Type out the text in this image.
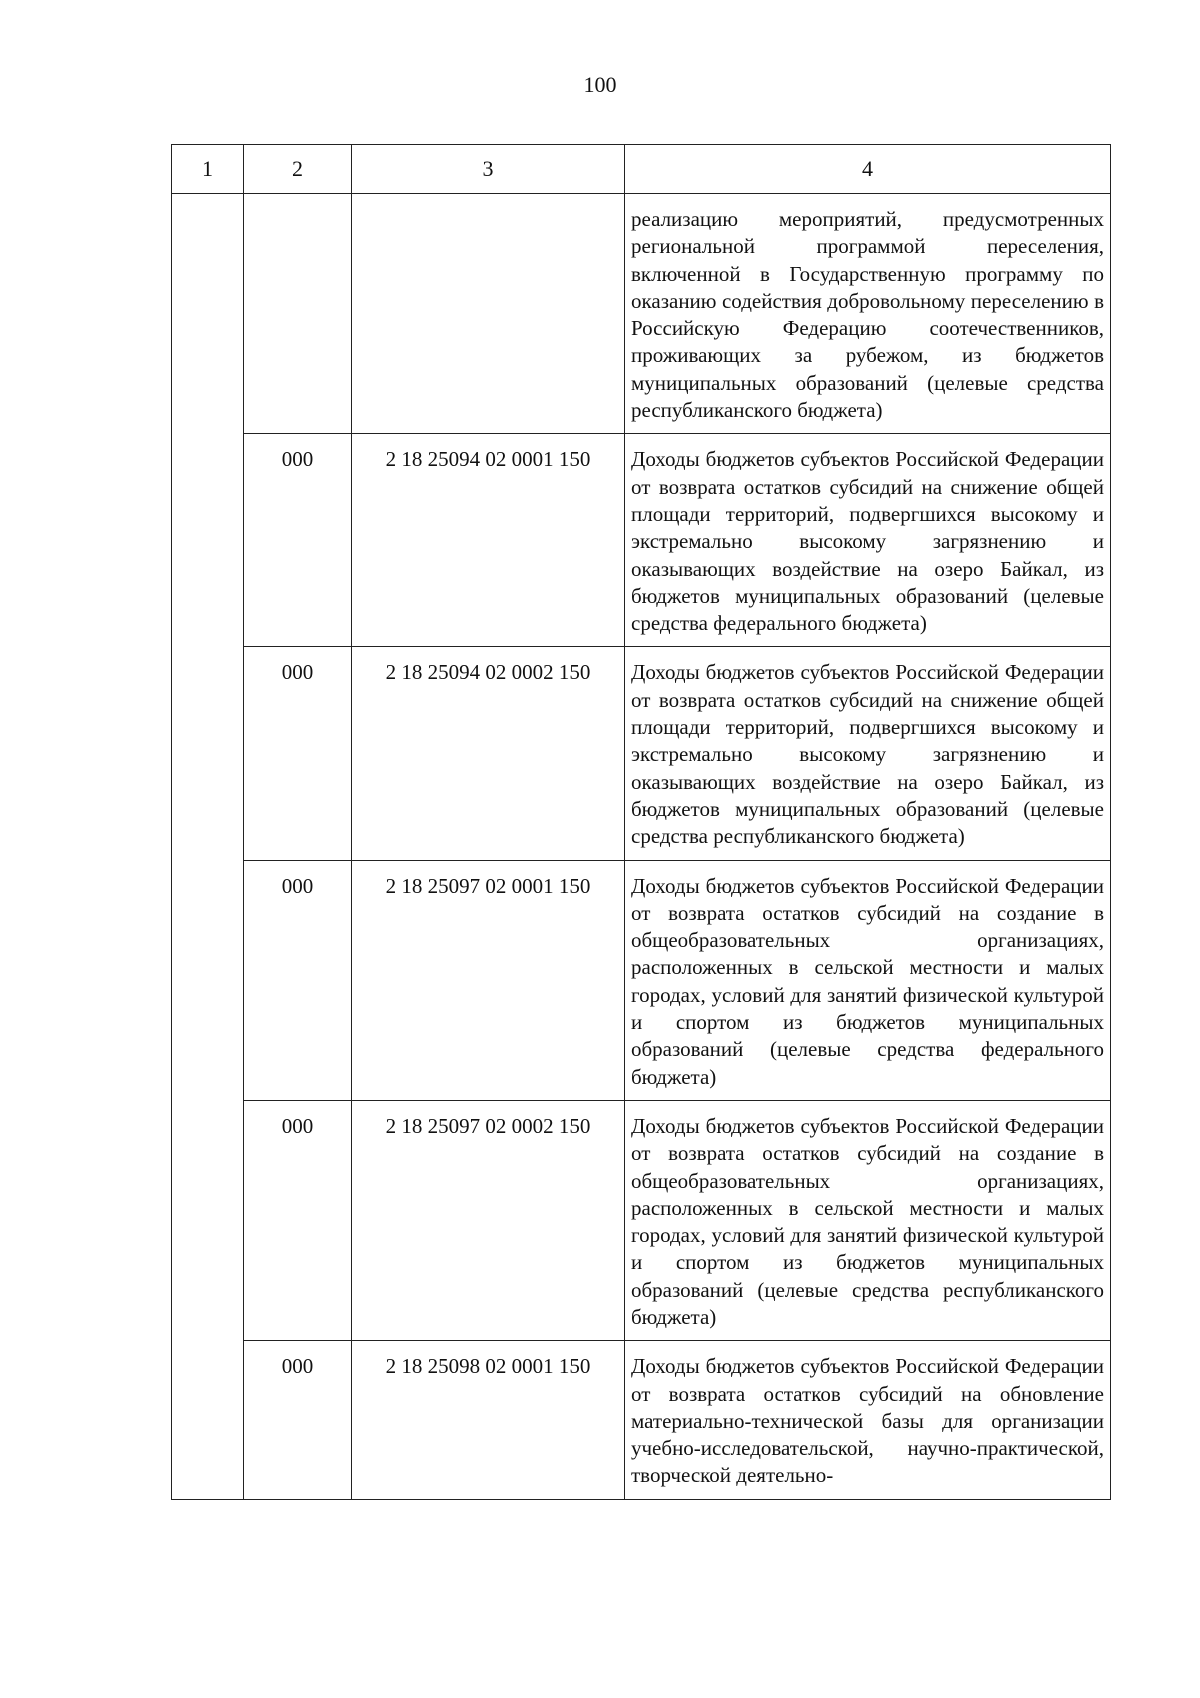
100
1	2	3	4
			реализацию мероприятий, предусмотренных региональной программой переселения, включенной в Государственную программу по оказанию содействия добровольному переселению в Российскую Федерацию соотечественников, проживающих за рубежом, из бюджетов муниципальных образований (целевые средства республиканского бюджета)
	000	2 18 25094 02 0001 150	Доходы бюджетов субъектов Российской Федерации от возврата остатков субсидий на снижение общей площади территорий, подвергшихся высокому и экстремально высокому загрязнению и оказывающих воздействие на озеро Байкал, из бюджетов муниципальных образований (целевые средства федерального бюджета)
	000	2 18 25094 02 0002 150	Доходы бюджетов субъектов Российской Федерации от возврата остатков субсидий на снижение общей площади территорий, подвергшихся высокому и экстремально высокому загрязнению и оказывающих воздействие на озеро Байкал, из бюджетов муниципальных образований (целевые средства республиканского бюджета)
	000	2 18 25097 02 0001 150	Доходы бюджетов субъектов Российской Федерации от возврата остатков субсидий на создание в общеобразовательных организациях, расположенных в сельской местности и малых городах, условий для занятий физической культурой и спортом из бюджетов муниципальных образований (целевые средства федерального бюджета)
	000	2 18 25097 02 0002 150	Доходы бюджетов субъектов Российской Федерации от возврата остатков субсидий на создание в общеобразовательных организациях, расположенных в сельской местности и малых городах, условий для занятий физической культурой и спортом из бюджетов муниципальных образований (целевые средства республиканского бюджета)
	000	2 18 25098 02 0001 150	Доходы бюджетов субъектов Российской Федерации от возврата остатков субсидий на обновление материально-технической базы для организации учебно-исследовательской, научно-практической, творческой деятельно-
